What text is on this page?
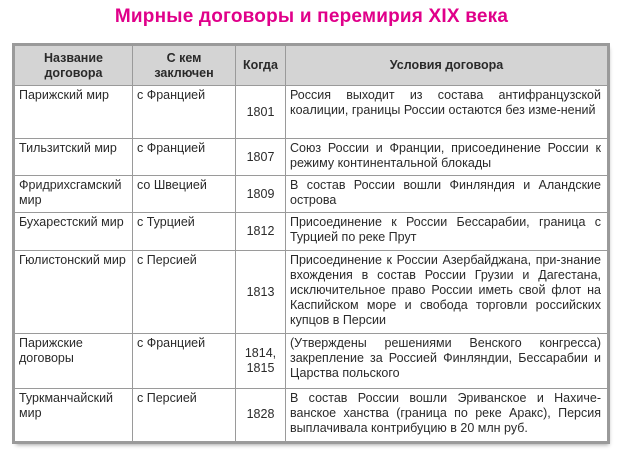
Мирные договоры и перемирия XIX века
Название договора	С кем заключен	Когда	Условия договора
Парижский мир	с Францией	1801	Россия выходит из состава антифранцузской коалиции, границы России остаются без изме-нений
Тильзитский мир	с Францией	1807	Союз России и Франции, присоединение России к режиму континентальной блокады
Фридрихсгамский мир	со Швецией	1809	В состав России вошли Финляндия и Аландские острова
Бухарестский мир	с Турцией	1812	Присоединение к России Бессарабии, граница с Турцией по реке Прут
Гюлистонский мир	с Персией	1813	Присоединение к России Азербайджана, при-знание вхождения в состав России Грузии и Дагестана, исключительное право России иметь свой флот на Каспийском море и свобода торговли российских купцов в Персии
Парижские договоры	с Францией	1814, 1815	(Утверждены решениями Венского конгресса) закрепление за Россией Финляндии, Бессарабии и Царства польского
Туркманчайский мир	с Персией	1828	В состав России вошли Эриванское и Нахиче-ванское ханства (граница по реке Аракс), Персия выплачивала контрибуцию в 20 млн руб.
